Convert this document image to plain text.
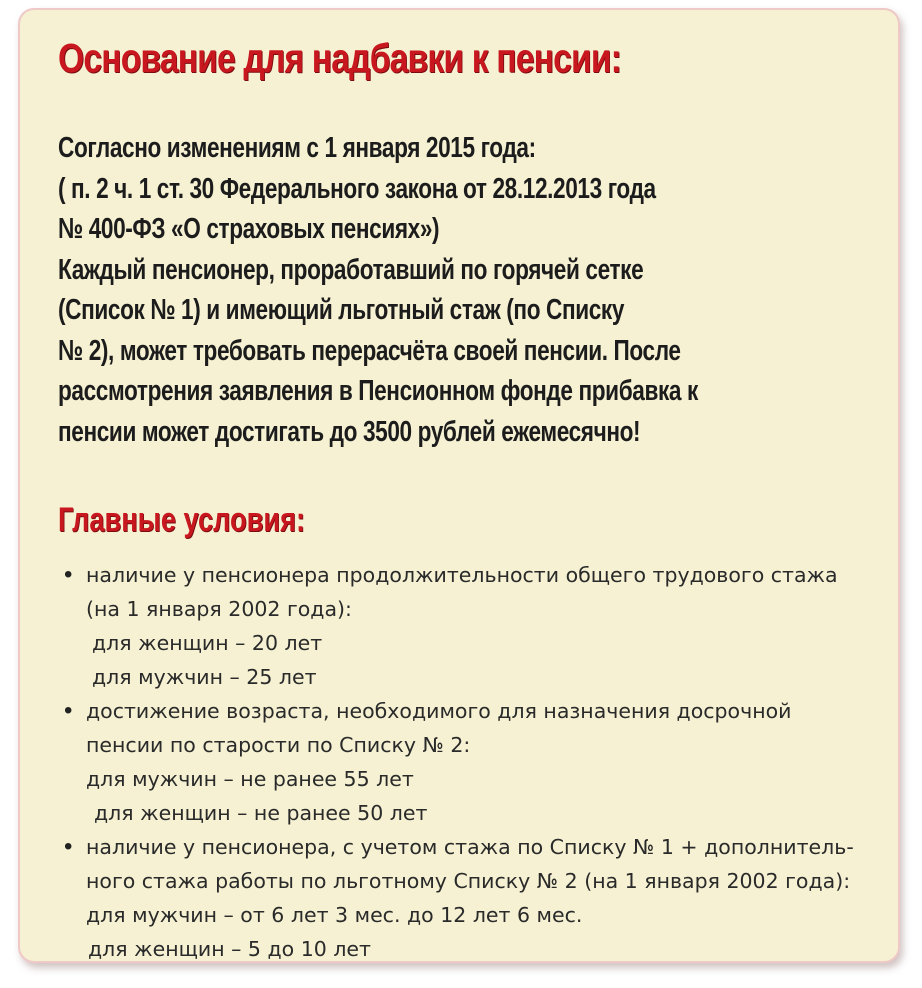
Основание для надбавки к пенсии:
Согласно изменениям с 1 января 2015 года:
( п. 2 ч. 1 ст. 30 Федерального закона от 28.12.2013 года
№ 400-ФЗ «О страховых пенсиях»)
Каждый пенсионер, проработавший по горячей сетке
(Список № 1) и имеющий льготный стаж (по Списку
№ 2), может требовать перерасчёта своей пенсии. После
рассмотрения заявления в Пенсионном фонде прибавка к
пенсии может достигать до 3500 рублей ежемесячно!
Главные условия:
• наличие у пенсионера продолжительности общего трудового стажа
(на 1 января 2002 года):
для женщин – 20 лет
для мужчин – 25 лет
• достижение возраста, необходимого для назначения досрочной
пенсии по старости по Списку № 2:
для мужчин – не ранее 55 лет
для женщин – не ранее 50 лет
• наличие у пенсионера, с учетом стажа по Списку № 1 + дополнитель-
ного стажа работы по льготному Списку № 2 (на 1 января 2002 года):
для мужчин – от 6 лет 3 мес. до 12 лет 6 мес.
для женщин – 5 до 10 лет
